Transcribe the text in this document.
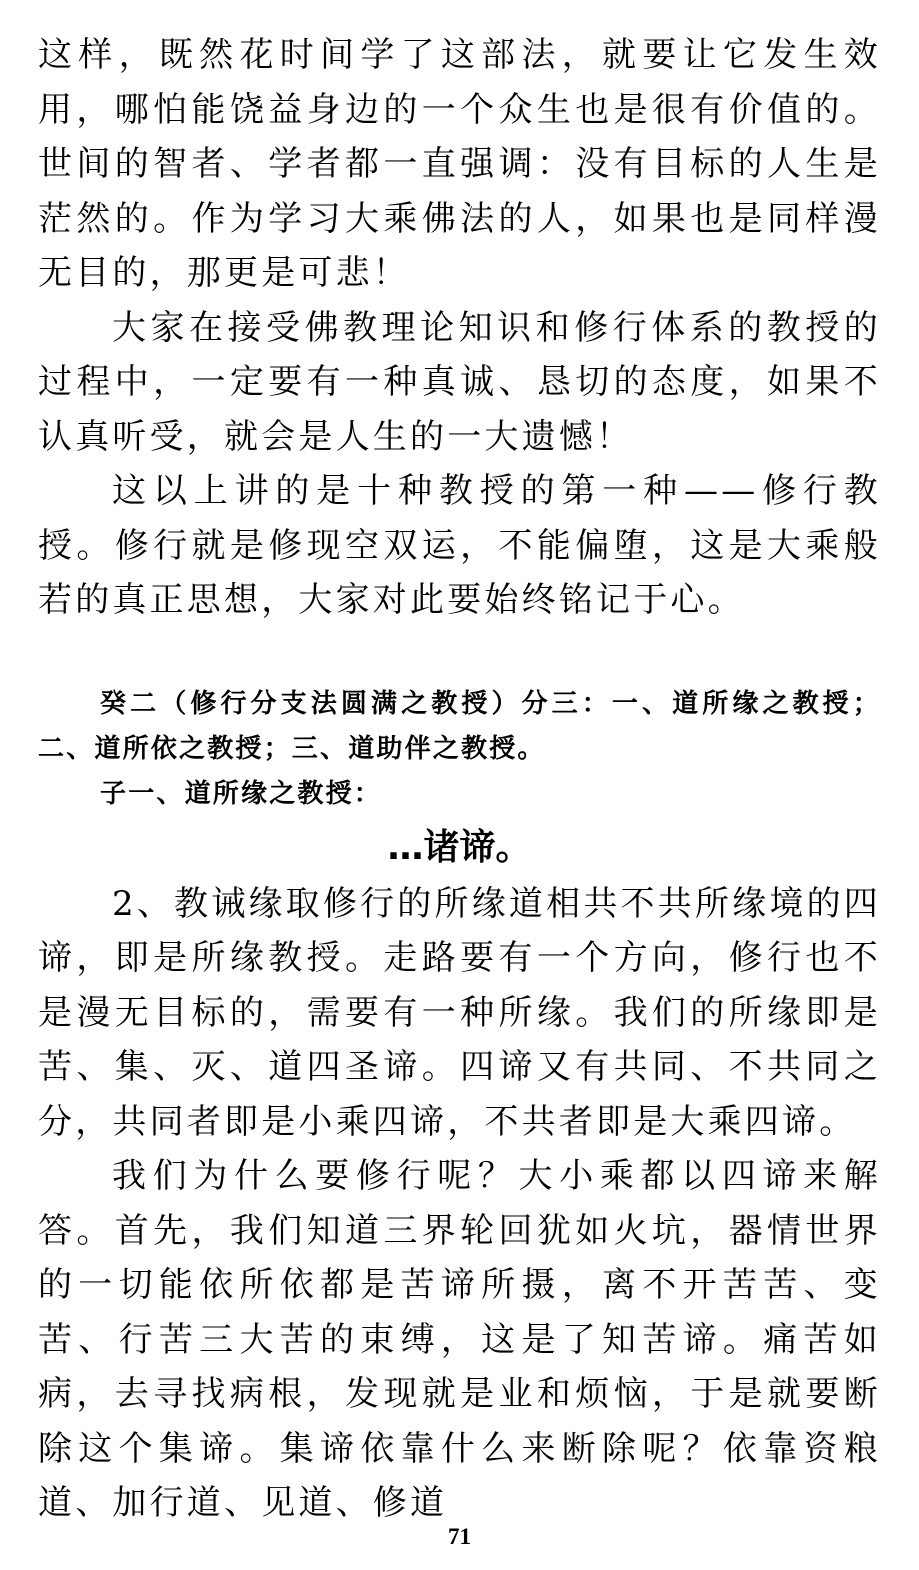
这样，既然花时间学了这部法，就要让它发生效用，哪怕能饶益身边的一个众生也是很有价值的。世间的智者、学者都一直强调：没有目标的人生是茫然的。作为学习大乘佛法的人，如果也是同样漫无目的，那更是可悲！

大家在接受佛教理论知识和修行体系的教授的过程中，一定要有一种真诚、恳切的态度，如果不认真听受，就会是人生的一大遗憾！

这以上讲的是十种教授的第一种——修行教授。修行就是修现空双运，不能偏堕，这是大乘般若的真正思想，大家对此要始终铭记于心。

癸二（修行分支法圆满之教授）分三：一、道所缘之教授；二、道所依之教授；三、道助伴之教授。

子一、道所缘之教授：

…诸谛。

2、教诫缘取修行的所缘道相共不共所缘境的四谛，即是所缘教授。走路要有一个方向，修行也不是漫无目标的，需要有一种所缘。我们的所缘即是苦、集、灭、道四圣谛。四谛又有共同、不共同之分，共同者即是小乘四谛，不共者即是大乘四谛。

我们为什么要修行呢？大小乘都以四谛来解答。首先，我们知道三界轮回犹如火坑，器情世界的一切能依所依都是苦谛所摄，离不开苦苦、变苦、行苦三大苦的束缚，这是了知苦谛。痛苦如病，去寻找病根，发现就是业和烦恼，于是就要断除这个集谛。集谛依靠什么来断除呢？依靠资粮道、加行道、见道、修道

71
